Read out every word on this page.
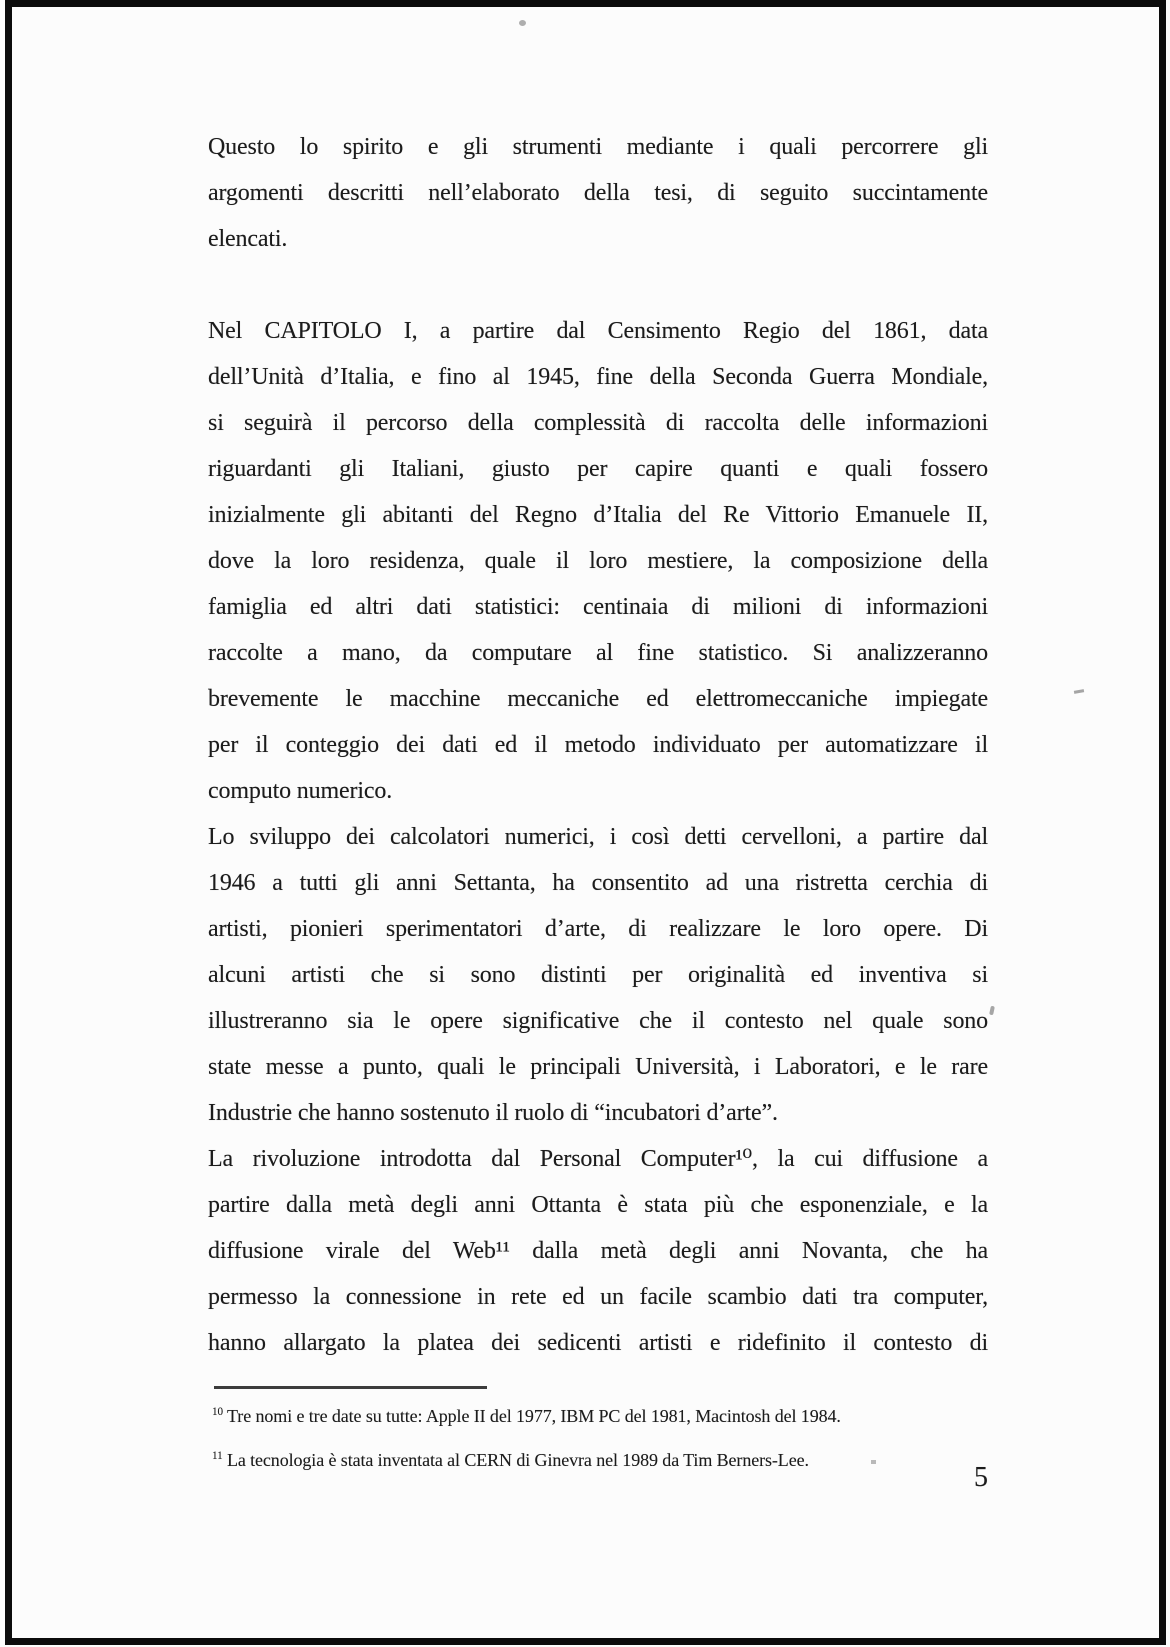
Questo lo spirito e gli strumenti mediante i quali percorrere gli
argomenti descritti nell’elaborato della tesi, di seguito succintamente
elencati.
Nel CAPITOLO I, a partire dal Censimento Regio del 1861, data
dell’Unità d’Italia, e fino al 1945, fine della Seconda Guerra Mondiale,
si seguirà il percorso della complessità di raccolta delle informazioni
riguardanti gli Italiani, giusto per capire quanti e quali fossero
inizialmente gli abitanti del Regno d’Italia del Re Vittorio Emanuele II,
dove la loro residenza, quale il loro mestiere, la composizione della
famiglia ed altri dati statistici: centinaia di milioni di informazioni
raccolte a mano, da computare al fine statistico. Si analizzeranno
brevemente le macchine meccaniche ed elettromeccaniche impiegate
per il conteggio dei dati ed il metodo individuato per automatizzare il
computo numerico.
Lo sviluppo dei calcolatori numerici, i così detti cervelloni, a partire dal
1946 a tutti gli anni Settanta, ha consentito ad una ristretta cerchia di
artisti, pionieri sperimentatori d’arte, di realizzare le loro opere. Di
alcuni artisti che si sono distinti per originalità ed inventiva si
illustreranno sia le opere significative che il contesto nel quale sono
state messe a punto, quali le principali Università, i Laboratori, e le rare
Industrie che hanno sostenuto il ruolo di “incubatori d’arte”.
La rivoluzione introdotta dal Personal Computer¹⁰, la cui diffusione a
partire dalla metà degli anni Ottanta è stata più che esponenziale, e la
diffusione virale del Web¹¹ dalla metà degli anni Novanta, che ha
permesso la connessione in rete ed un facile scambio dati tra computer,
hanno allargato la platea dei sedicenti artisti e ridefinito il contesto di
$^{10}$ Tre nomi e tre date su tutte: Apple II del 1977, IBM PC del 1981, Macintosh del 1984.
$^{11}$ La tecnologia è stata inventata al CERN di Ginevra nel 1989 da Tim Berners-Lee.
5
